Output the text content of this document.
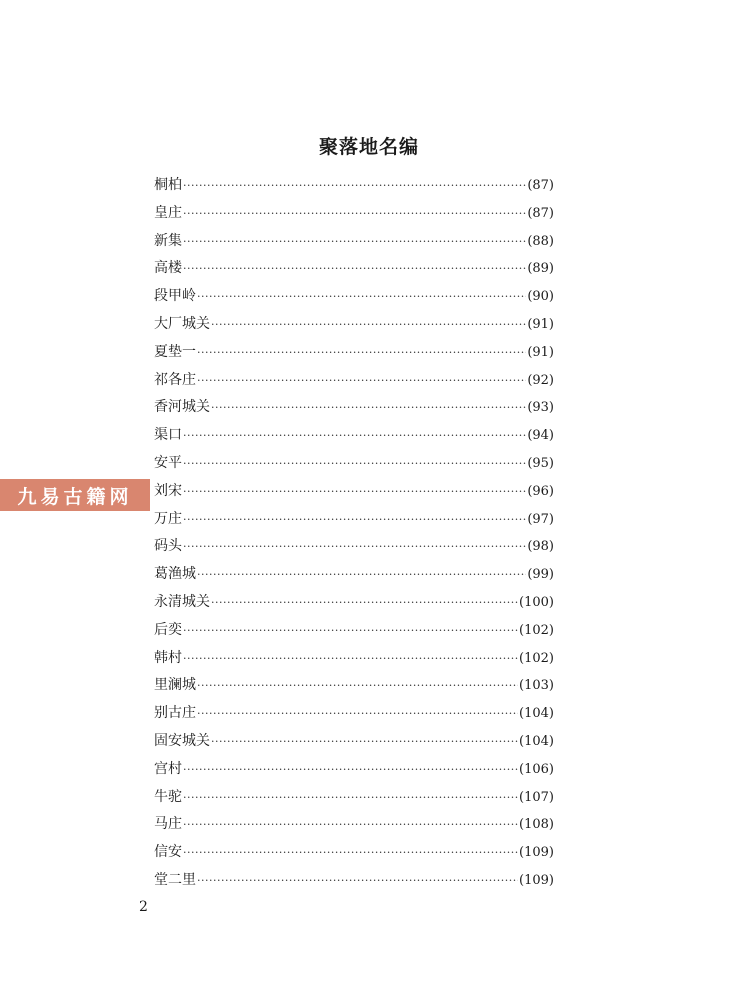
聚落地名编
桐柏 ·····	(87)
皇庄 ·····	(87)
新集 ·····	(88)
高楼 ·····	(89)
段甲岭 ·····	(90)
大厂城关 ·····	(91)
夏垫一 ·····	(91)
祁各庄 ·····	(92)
香河城关 ·····	(93)
渠口 ·····	(94)
安平 ·····	(95)
刘宋 ·····	(96)
万庄 ·····	(97)
码头 ·····	(98)
葛渔城 ·····	(99)
永清城关 ·····	(100)
后奕 ·····	(102)
韩村 ·····	(102)
里澜城 ·····	(103)
别古庄 ·····	(104)
固安城关 ·····	(104)
宫村 ·····	(106)
牛驼 ·····	(107)
马庄 ·····	(108)
信安 ·····	(109)
堂二里 ·····	(109)
九易古籍网
2
